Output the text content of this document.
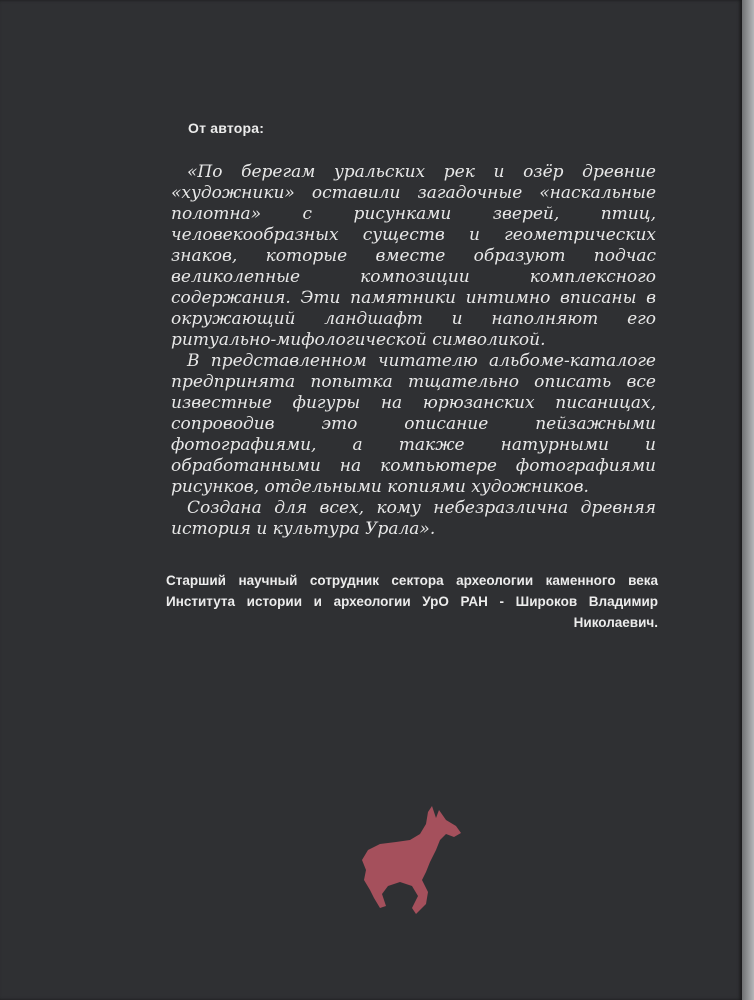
От автора:

«По берегам уральских рек и озёр древние «художники» оставили загадочные «наскальные полотна» с рисунками зверей, птиц, человекообразных существ и геометрических знаков, которые вместе образуют подчас великолепные композиции комплексного содержания. Эти памятники интимно вписаны в окружающий ландшафт и наполняют его ритуально-мифологической символикой.

В представленном читателю альбоме-каталоге предпринята попытка тщательно описать все известные фигуры на юрюзанских писаницах, сопроводив это описание пейзажными фотографиями, а также натурными и обработанными на компьютере фотографиями рисунков, отдельными копиями художников.

Создана для всех, кому небезразлична древняя история и культура Урала».

Старший научный сотрудник сектора археологии каменного века Института истории и археологии УрО РАН - Широков Владимир Николаевич.
